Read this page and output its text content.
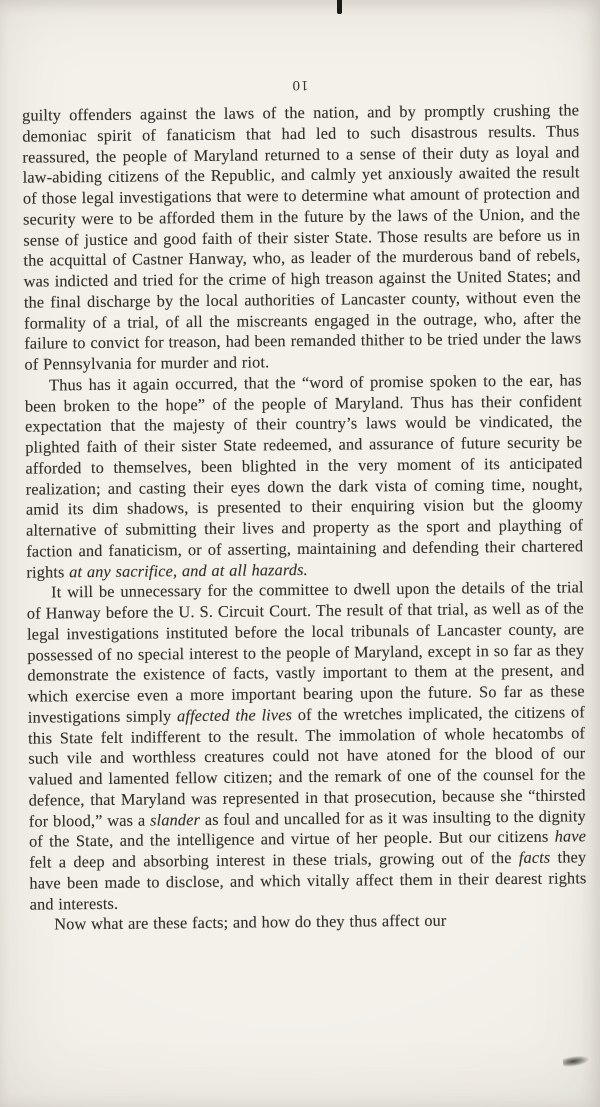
10

guilty offenders against the laws of the nation, and by promptly crushing the demoniac spirit of fanaticism that had led to such disastrous results. Thus reassured, the people of Maryland returned to a sense of their duty as loyal and law-abiding citizens of the Republic, and calmly yet anxiously awaited the result of those legal investigations that were to determine what amount of protection and security were to be afforded them in the future by the laws of the Union, and the sense of justice and good faith of their sister State. Those results are before us in the acquittal of Castner Hanway, who, as leader of the murderous band of rebels, was indicted and tried for the crime of high treason against the United States; and the final discharge by the local authorities of Lancaster county, without even the formality of a trial, of all the miscreants engaged in the outrage, who, after the failure to convict for treason, had been remanded thither to be tried under the laws of Pennsylvania for murder and riot.

Thus has it again occurred, that the “word of promise spoken to the ear, has been broken to the hope” of the people of Maryland. Thus has their confident expectation that the majesty of their country’s laws would be vindicated, the plighted faith of their sister State redeemed, and assurance of future security be afforded to themselves, been blighted in the very moment of its anticipated realization; and casting their eyes down the dark vista of coming time, nought, amid its dim shadows, is presented to their enquiring vision but the gloomy alternative of submitting their lives and property as the sport and plaything of faction and fanaticism, or of asserting, maintaining and defending their chartered rights at any sacrifice, and at all hazards.

It will be unnecessary for the committee to dwell upon the details of the trial of Hanway before the U. S. Circuit Court. The result of that trial, as well as of the legal investigations instituted before the local tribunals of Lancaster county, are possessed of no special interest to the people of Maryland, except in so far as they demonstrate the existence of facts, vastly important to them at the present, and which exercise even a more important bearing upon the future. So far as these investigations simply affected the lives of the wretches implicated, the citizens of this State felt indifferent to the result. The immolation of whole hecatombs of such vile and worthless creatures could not have atoned for the blood of our valued and lamented fellow citizen; and the remark of one of the counsel for the defence, that Maryland was represented in that prosecution, because she “thirsted for blood,” was a slander as foul and uncalled for as it was insulting to the dignity of the State, and the intelligence and virtue of her people. But our citizens have felt a deep and absorbing interest in these trials, growing out of the facts they have been made to disclose, and which vitally affect them in their dearest rights and interests.

Now what are these facts; and how do they thus affect our
